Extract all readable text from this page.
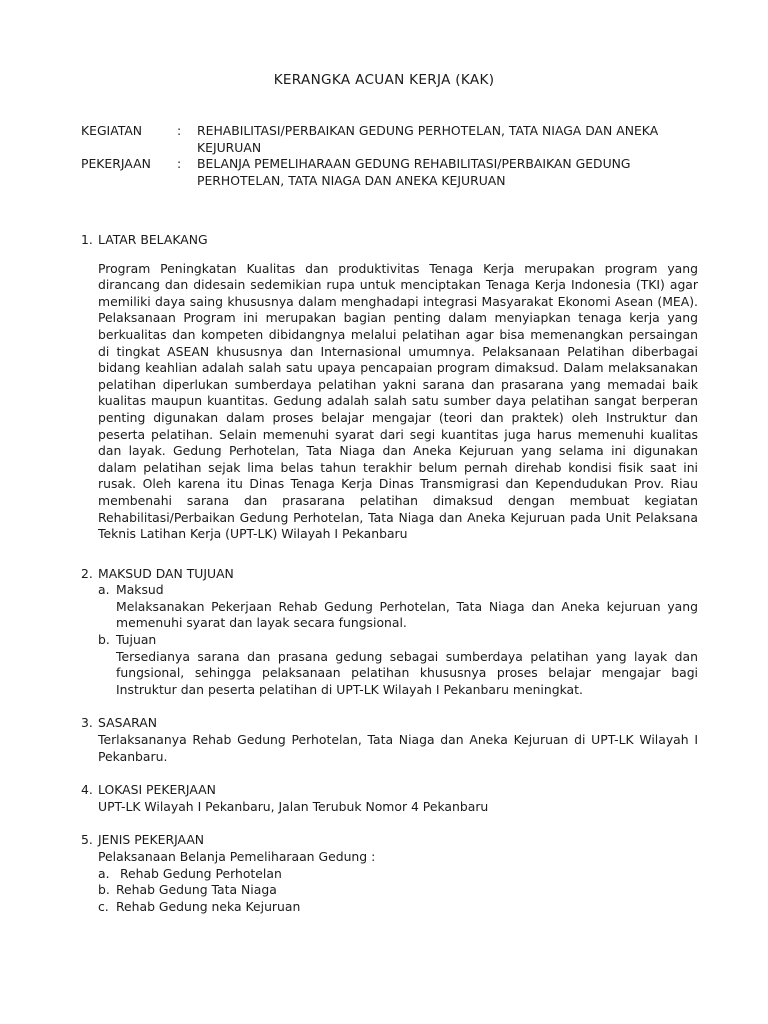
KERANGKA ACUAN KERJA (KAK)
KEGIATAN	:	REHABILITASI/PERBAIKAN GEDUNG PERHOTELAN, TATA NIAGA DAN ANEKA KEJURUAN
PEKERJAAN	:	BELANJA PEMELIHARAAN GEDUNG REHABILITASI/PERBAIKAN GEDUNG PERHOTELAN, TATA NIAGA DAN ANEKA KEJURUAN
1. LATAR BELAKANG
Program Peningkatan Kualitas dan produktivitas Tenaga Kerja merupakan program yang dirancang dan didesain sedemikian rupa untuk menciptakan Tenaga Kerja Indonesia (TKI) agar memiliki daya saing khususnya dalam menghadapi integrasi Masyarakat Ekonomi Asean (MEA). Pelaksanaan Program ini merupakan bagian penting dalam menyiapkan tenaga kerja yang berkualitas dan kompeten dibidangnya melalui pelatihan agar bisa memenangkan persaingan di tingkat ASEAN khususnya dan Internasional umumnya. Pelaksanaan Pelatihan diberbagai bidang keahlian adalah salah satu upaya pencapaian program dimaksud. Dalam melaksanakan pelatihan diperlukan sumberdaya pelatihan yakni sarana dan prasarana yang memadai baik kualitas maupun kuantitas. Gedung adalah salah satu sumber daya pelatihan sangat berperan penting digunakan dalam proses belajar mengajar (teori dan praktek) oleh Instruktur dan peserta pelatihan. Selain memenuhi syarat dari segi kuantitas juga harus memenuhi kualitas dan layak. Gedung Perhotelan, Tata Niaga dan Aneka Kejuruan yang selama ini digunakan dalam pelatihan sejak lima belas tahun terakhir belum pernah direhab kondisi fisik saat ini rusak. Oleh karena itu Dinas Tenaga Kerja Dinas Transmigrasi dan Kependudukan Prov. Riau membenahi sarana dan prasarana pelatihan dimaksud dengan membuat kegiatan Rehabilitasi/Perbaikan Gedung Perhotelan, Tata Niaga dan Aneka Kejuruan pada Unit Pelaksana Teknis Latihan Kerja (UPT-LK) Wilayah I Pekanbaru
2. MAKSUD DAN TUJUAN
a. Maksud
Melaksanakan Pekerjaan Rehab Gedung Perhotelan, Tata Niaga dan Aneka kejuruan yang memenuhi syarat dan layak secara fungsional.
b. Tujuan
Tersedianya sarana dan prasana gedung sebagai sumberdaya pelatihan yang layak dan fungsional, sehingga pelaksanaan pelatihan khususnya proses belajar mengajar bagi Instruktur dan peserta pelatihan di UPT-LK Wilayah I Pekanbaru meningkat.
3. SASARAN
Terlaksananya Rehab Gedung Perhotelan, Tata Niaga dan Aneka Kejuruan di UPT-LK Wilayah I Pekanbaru.
4. LOKASI PEKERJAAN
UPT-LK Wilayah I Pekanbaru, Jalan Terubuk Nomor 4 Pekanbaru
5. JENIS PEKERJAAN
Pelaksanaan Belanja Pemeliharaan Gedung :
a. Rehab Gedung Perhotelan
b. Rehab Gedung Tata Niaga
c. Rehab Gedung neka Kejuruan
